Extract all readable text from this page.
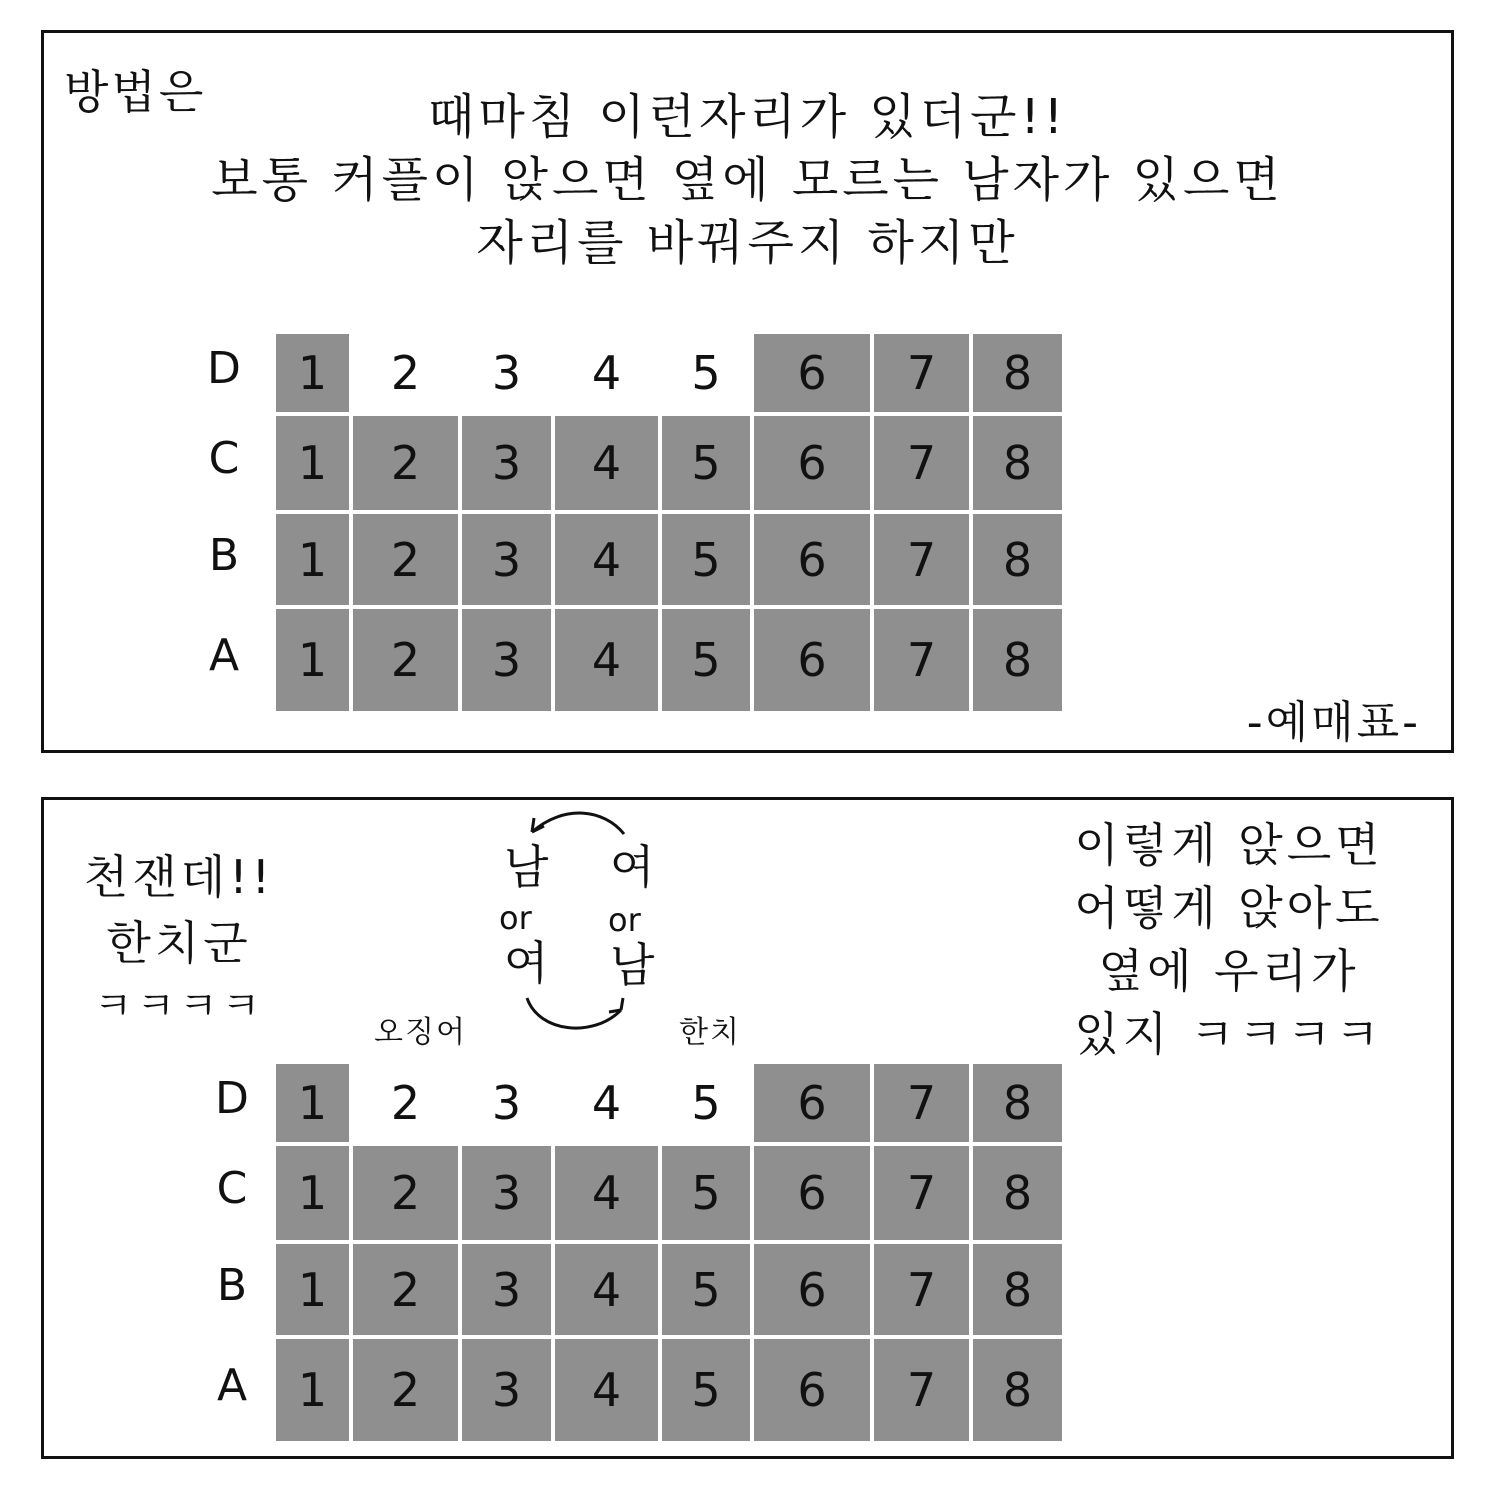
방법은	때마침 이런자리가 있더군!!
보통 커플이 앉으면 옆에 모르는 남자가 있으면
자리를 바꿔주지 하지만
D	1	2	3	4	5	6	7	8
C	1	2	3	4	5	6	7	8
B	1	2	3	4	5	6	7	8
A	1	2	3	4	5	6	7	8
-예매표-
천잰데!!
한치군
ㅋㅋㅋㅋ
이렇게 앉으면
어떻게 앉아도
옆에 우리가
있지 ㅋㅋㅋㅋ
남
or
여
여
or
남
오징어	한치
D	1	2	3	4	5	6	7	8
C	1	2	3	4	5	6	7	8
B	1	2	3	4	5	6	7	8
A	1	2	3	4	5	6	7	8
